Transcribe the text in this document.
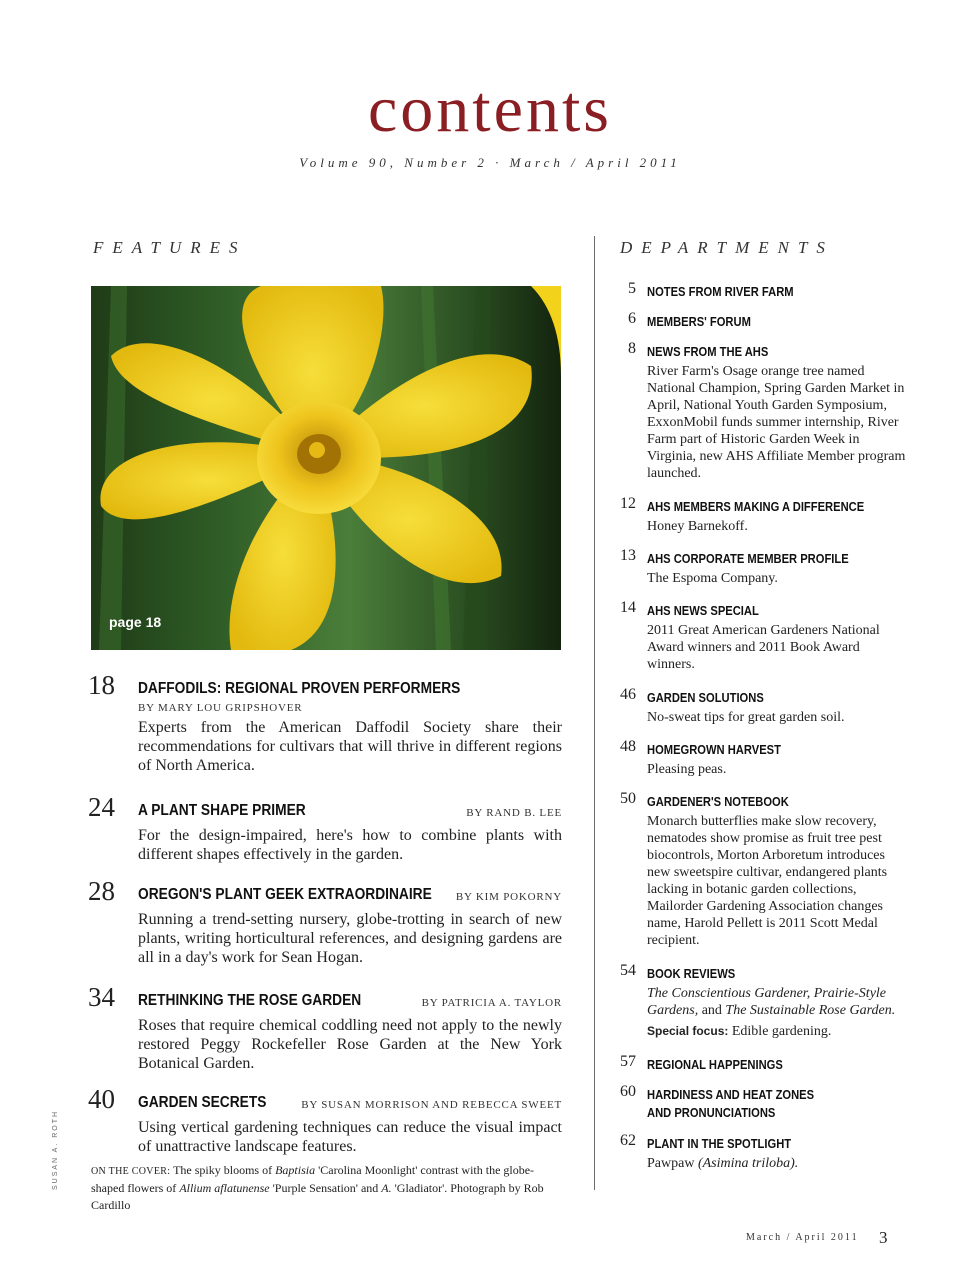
contents
Volume 90, Number 2 · March / April 2011
FEATURES	DEPARTMENTS
page 18
18 DAFFODILS: REGIONAL PROVEN PERFORMERS
BY MARY LOU GRIPSHOVER
Experts from the American Daffodil Society share their recommendations for cultivars that will thrive in different regions of North America.
24 A PLANT SHAPE PRIMER	BY RAND B. LEE
For the design-impaired, here's how to combine plants with different shapes effectively in the garden.
28 OREGON'S PLANT GEEK EXTRAORDINAIRE BY KIM POKORNY
Running a trend-setting nursery, globe-trotting in search of new plants, writing horticultural references, and designing gardens are all in a day's work for Sean Hogan.
34 RETHINKING THE ROSE GARDEN	BY PATRICIA A. TAYLOR
Roses that require chemical coddling need not apply to the newly restored Peggy Rockefeller Rose Garden at the New York Botanical Garden.
40 GARDEN SECRETS	BY SUSAN MORRISON AND REBECCA SWEET
Using vertical gardening techniques can reduce the visual impact of unattractive landscape features.
ON THE COVER: The spiky blooms of Baptisia 'Carolina Moonlight' contrast with the globe-shaped flowers of Allium aflatunense 'Purple Sensation' and A. 'Gladiator'. Photograph by Rob Cardillo
SUSAN A. ROTH
5 NOTES FROM RIVER FARM
6 MEMBERS' FORUM
8 NEWS FROM THE AHS
River Farm's Osage orange tree named National Champion, Spring Garden Market in April, National Youth Garden Symposium, ExxonMobil funds summer internship, River Farm part of Historic Garden Week in Virginia, new AHS Affiliate Member program launched.
12 AHS MEMBERS MAKING A DIFFERENCE
Honey Barnekoff.
13 AHS CORPORATE MEMBER PROFILE
The Espoma Company.
14 AHS NEWS SPECIAL
2011 Great American Gardeners National Award winners and 2011 Book Award winners.
46 GARDEN SOLUTIONS
No-sweat tips for great garden soil.
48 HOMEGROWN HARVEST
Pleasing peas.
50 GARDENER'S NOTEBOOK
Monarch butterflies make slow recovery, nematodes show promise as fruit tree pest biocontrols, Morton Arboretum introduces new sweetspire cultivar, endangered plants lacking in botanic garden collections, Mailorder Gardening Association changes name, Harold Pellett is 2011 Scott Medal recipient.
54 BOOK REVIEWS
The Conscientious Gardener, Prairie-Style Gardens, and The Sustainable Rose Garden.
Special focus: Edible gardening.
57 REGIONAL HAPPENINGS
60 HARDINESS AND HEAT ZONES AND PRONUNCIATIONS
62 PLANT IN THE SPOTLIGHT
Pawpaw (Asimina triloba).
March / April 2011 3
